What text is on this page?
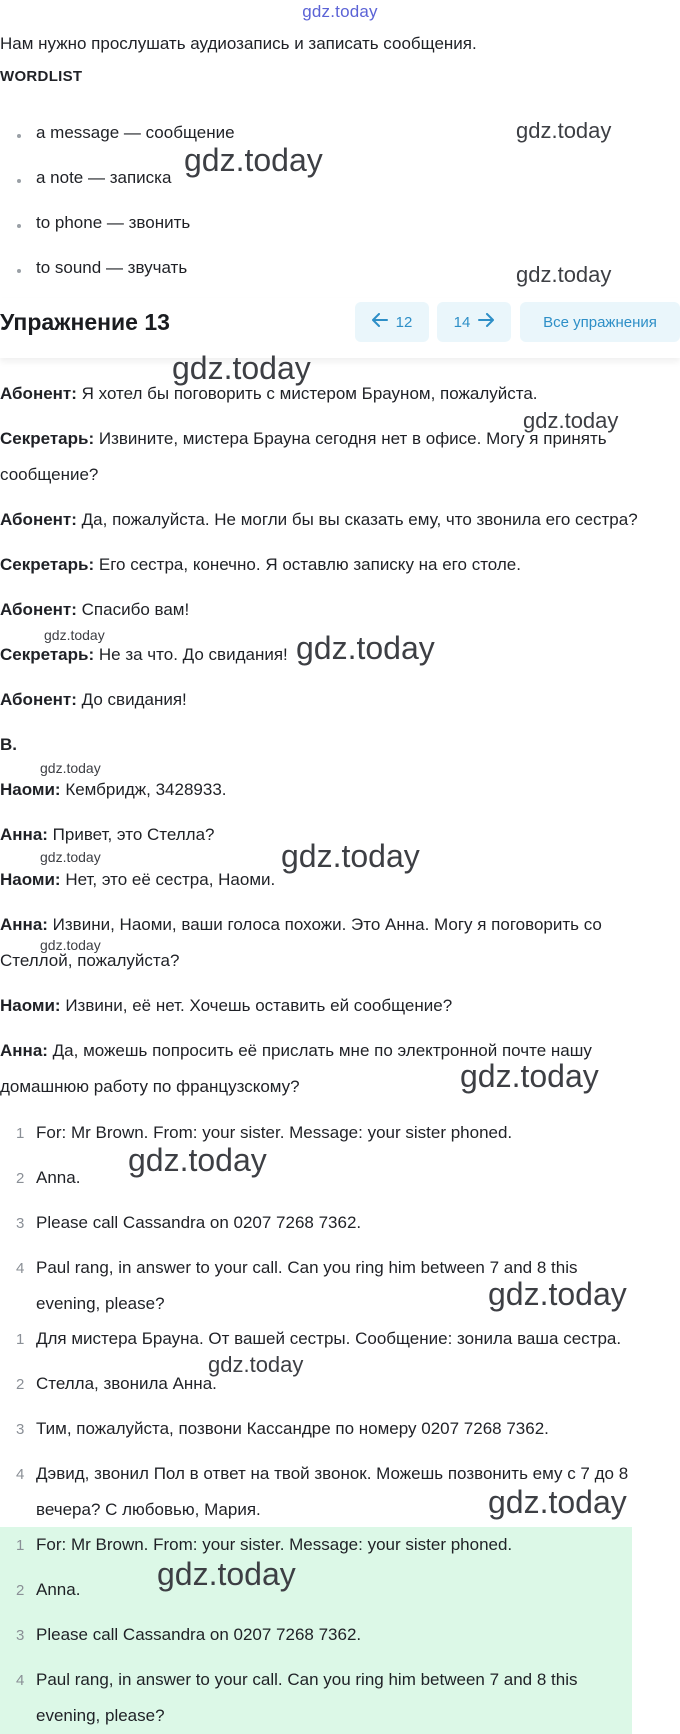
gdz.today
Нам нужно прослушать аудиозапись и записать сообщения.
WORDLIST
a message — сообщение
a note — записка
to phone — звонить
to sound — звучать
Абонент: Я хотел бы поговорить с мистером Брауном, пожалуйста.
Секретарь: Извините, мистера Брауна сегодня нет в офисе. Могу я принять сообщение?
Абонент: Да, пожалуйста. Не могли бы вы сказать ему, что звонила его сестра?
Секретарь: Его сестра, конечно. Я оставлю записку на его столе.
Абонент: Спасибо вам!
Секретарь: Не за что. До свидания!
Абонент: До свидания!
B.
Наоми: Кембридж, 3428933.
Анна: Привет, это Стелла?
Наоми: Нет, это её сестра, Наоми.
Анна: Извини, Наоми, ваши голоса похожи. Это Анна. Могу я поговорить со Стеллой, пожалуйста?
Наоми: Извини, её нет. Хочешь оставить ей сообщение?
Анна: Да, можешь попросить её прислать мне по электронной почте нашу домашнюю работу по французскому?
1 For: Mr Brown. From: your sister. Message: your sister phoned.
2 Anna.
3 Please call Cassandra on 0207 7268 7362.
4 Paul rang, in answer to your call. Can you ring him between 7 and 8 this
evening, please?
1 Для мистера Брауна. От вашей сестры. Сообщение: зонила ваша сестра.
2 Стелла, звонила Анна.
3 Тим, пожалуйста, позвони Кассандре по номеру 0207 7268 7362.
4 Дэвид, звонил Пол в ответ на твой звонок. Можешь позвонить ему с 7 до 8
вечера? С любовью, Мария.
1 For: Mr Brown. From: your sister. Message: your sister phoned.
2 Anna.
3 Please call Cassandra on 0207 7268 7362.
4 Paul rang, in answer to your call. Can you ring him between 7 and 8 this
evening, please?
Упражнение 13	12	14	Все упражнения
gdz.today
gdz.today
gdz.today
gdz.today
gdz.today
gdz.today	gdz.today
gdz.today
gdz.today	gdz.today
gdz.today
gdz.today
gdz.today
gdz.today
gdz.today
gdz.today
gdz.today
